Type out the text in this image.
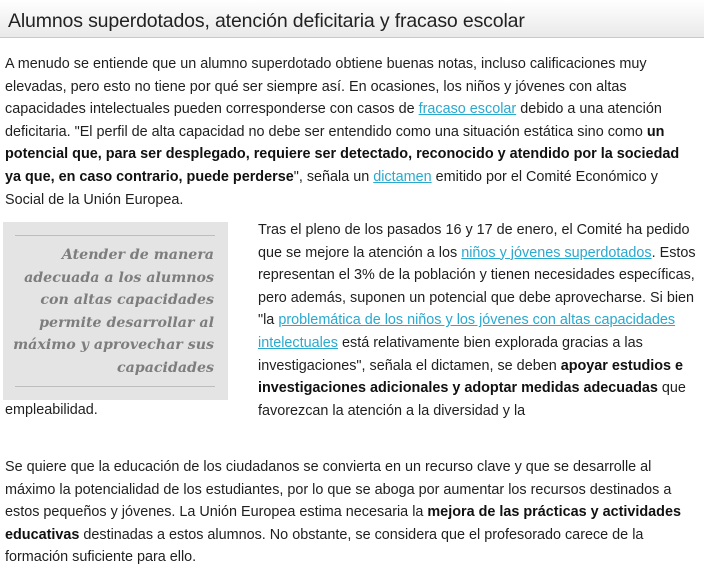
Alumnos superdotados, atención deficitaria y fracaso escolar

A menudo se entiende que un alumno superdotado obtiene buenas notas, incluso calificaciones muy elevadas, pero esto no tiene por qué ser siempre así. En ocasiones, los niños y jóvenes con altas capacidades intelectuales pueden corresponderse con casos de fracaso escolar debido a una atención deficitaria. "El perfil de alta capacidad no debe ser entendido como una situación estática sino como un potencial que, para ser desplegado, requiere ser detectado, reconocido y atendido por la sociedad ya que, en caso contrario, puede perderse", señala un dictamen emitido por el Comité Económico y Social de la Unión Europea.

Atender de manera adecuada a los alumnos con altas capacidades permite desarrollar al máximo y aprovechar sus capacidades

Tras el pleno de los pasados 16 y 17 de enero, el Comité ha pedido que se mejore la atención a los niños y jóvenes superdotados. Estos representan el 3% de la población y tienen necesidades específicas, pero además, suponen un potencial que debe aprovecharse. Si bien "la problemática de los niños y los jóvenes con altas capacidades intelectuales está relativamente bien explorada gracias a las investigaciones", señala el dictamen, se deben apoyar estudios e investigaciones adicionales y adoptar medidas adecuadas que favorezcan la atención a la diversidad y la

empleabilidad.

Se quiere que la educación de los ciudadanos se convierta en un recurso clave y que se desarrolle al máximo la potencialidad de los estudiantes, por lo que se aboga por aumentar los recursos destinados a estos pequeños y jóvenes. La Unión Europea estima necesaria la mejora de las prácticas y actividades educativas destinadas a estos alumnos. No obstante, se considera que el profesorado carece de la formación suficiente para ello.
